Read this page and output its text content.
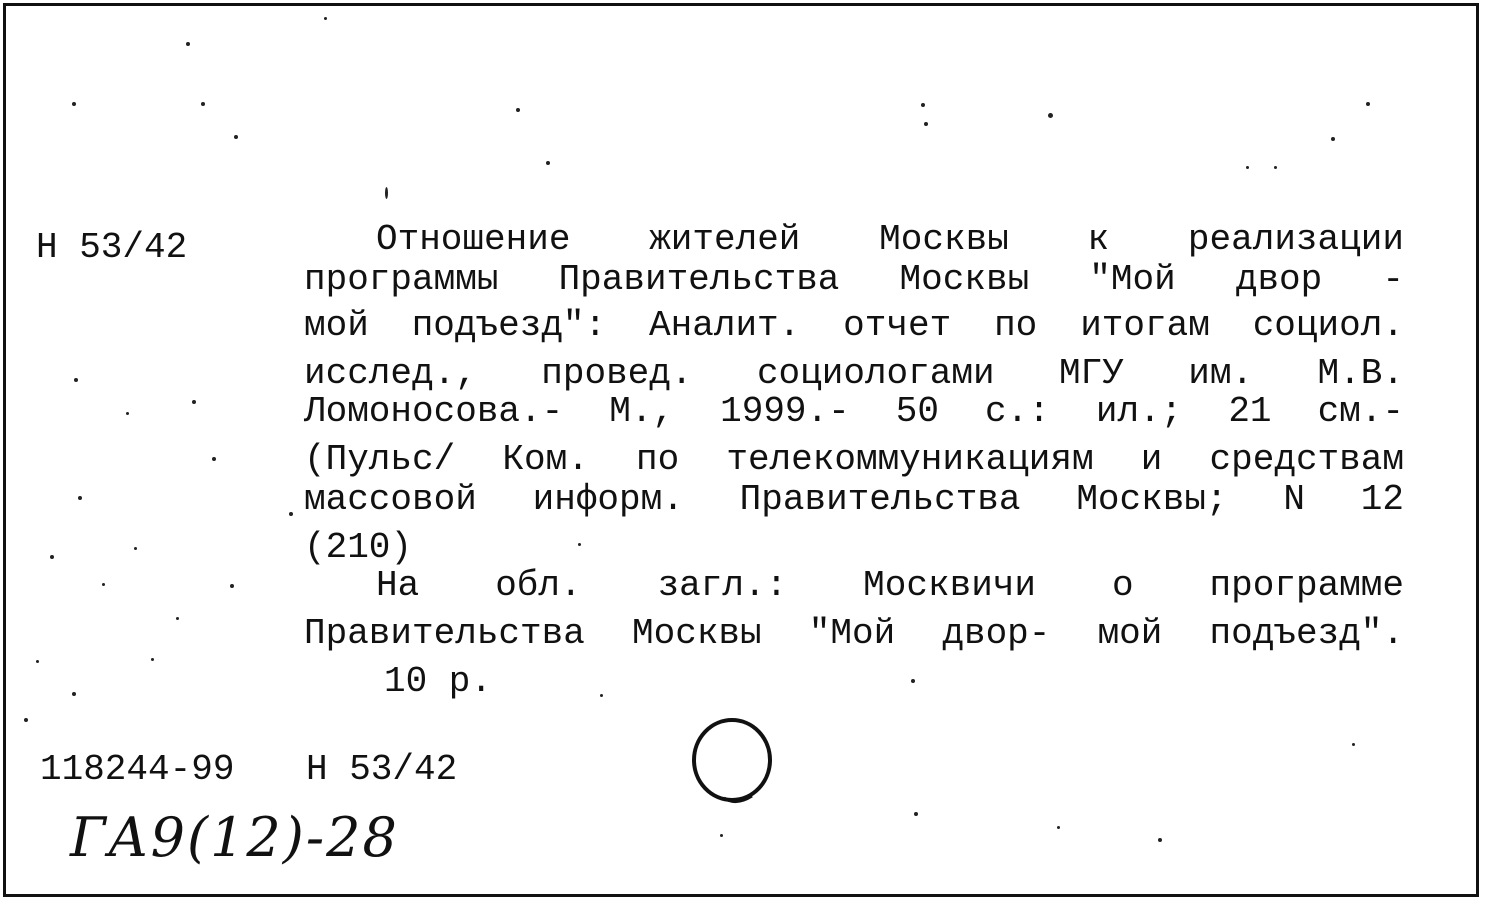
Н 53/42	Отношение жителей Москвы к реализации
программы Правительства Москвы "Мой двор -
мой подъезд": Аналит. отчет по итогам социол.
исслед., провед. социологами МГУ им. М.В.
Ломоносова.- М., 1999.- 50 с.: ил.; 21 см.-
(Пульс/ Ком. по телекоммуникациям и средствам
массовой информ. Правительства Москвы; N 12
(210)
На обл. загл.: Москвичи о программе
Правительства Москвы "Мой двор- мой подъезд".
10 р.
118244-99 Н 53/42
ГА9(12)-28
